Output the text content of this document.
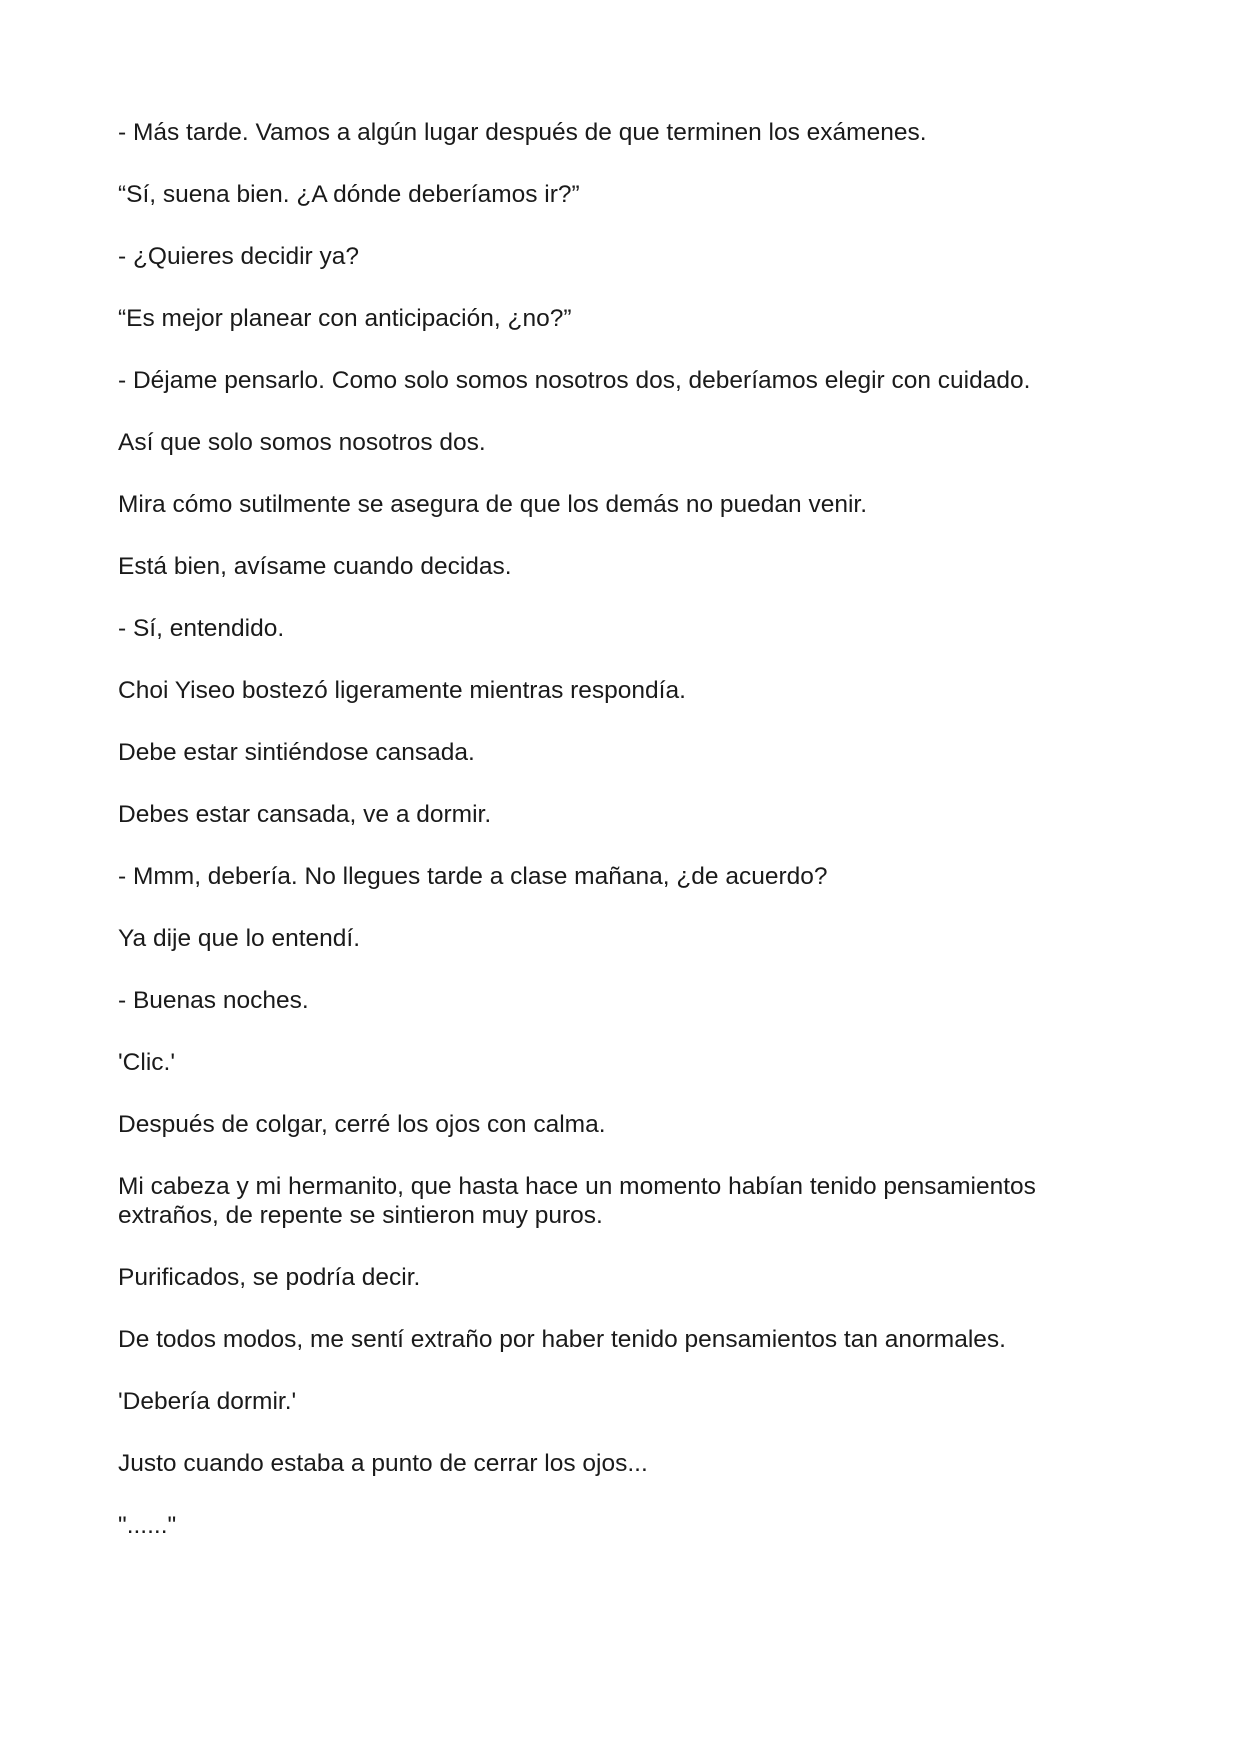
- Más tarde. Vamos a algún lugar después de que terminen los exámenes.

“Sí, suena bien. ¿A dónde deberíamos ir?”

- ¿Quieres decidir ya?

“Es mejor planear con anticipación, ¿no?”

- Déjame pensarlo. Como solo somos nosotros dos, deberíamos elegir con cuidado.

Así que solo somos nosotros dos.

Mira cómo sutilmente se asegura de que los demás no puedan venir.

Está bien, avísame cuando decidas.

- Sí, entendido.

Choi Yiseo bostezó ligeramente mientras respondía.

Debe estar sintiéndose cansada.

Debes estar cansada, ve a dormir.

- Mmm, debería. No llegues tarde a clase mañana, ¿de acuerdo?

Ya dije que lo entendí.

- Buenas noches.

'Clic.'

Después de colgar, cerré los ojos con calma.

Mi cabeza y mi hermanito, que hasta hace un momento habían tenido pensamientos extraños, de repente se sintieron muy puros.

Purificados, se podría decir.

De todos modos, me sentí extraño por haber tenido pensamientos tan anormales.

'Debería dormir.'

Justo cuando estaba a punto de cerrar los ojos...

"......"
